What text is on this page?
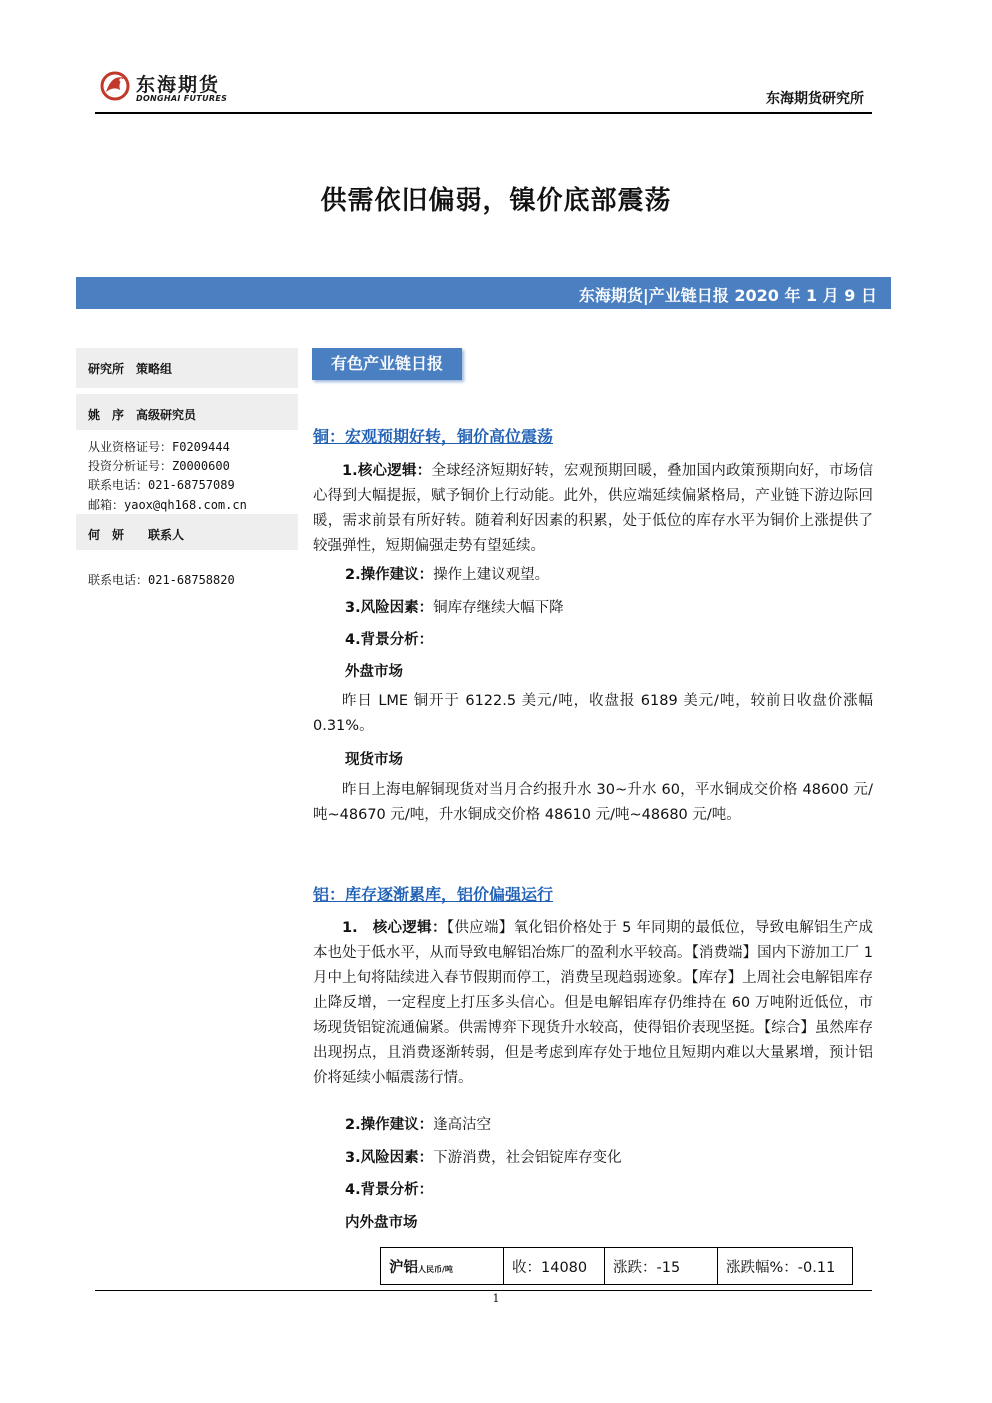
东海期货
DONGHAI FUTURES	东海期货研究所
供需依旧偏弱，镍价底部震荡
东海期货|产业链日报 2020 年 1 月 9 日
研究所　策略组
姚　序　高级研究员
从业资格证号：F0209444
投资分析证号：Z0000600
联系电话：021-68757089
邮箱：yaox@qh168.com.cn
何　妍　　联系人
联系电话：021-68758820
有色产业链日报
铜：宏观预期好转，铜价高位震荡

1.核心逻辑：全球经济短期好转，宏观预期回暖，叠加国内政策预期向好，市场信心得到大幅提振，赋予铜价上行动能。此外，供应端延续偏紧格局，产业链下游边际回暖，需求前景有所好转。随着利好因素的积累，处于低位的库存水平为铜价上涨提供了较强弹性，短期偏强走势有望延续。

2.操作建议：操作上建议观望。
3.风险因素：铜库存继续大幅下降
4.背景分析：
外盘市场

昨日 LME 铜开于 6122.5 美元/吨，收盘报 6189 美元/吨，较前日收盘价涨幅 0.31%。

现货市场

昨日上海电解铜现货对当月合约报升水 30~升水 60，平水铜成交价格 48600 元/吨~48670 元/吨，升水铜成交价格 48610 元/吨~48680 元/吨。

铝：库存逐渐累库，铝价偏强运行

1.　核心逻辑：【供应端】氧化铝价格处于 5 年同期的最低位，导致电解铝生产成本也处于低水平，从而导致电解铝冶炼厂的盈利水平较高。【消费端】国内下游加工厂 1 月中上旬将陆续进入春节假期而停工，消费呈现趋弱迹象。【库存】上周社会电解铝库存止降反增，一定程度上打压多头信心。但是电解铝库存仍维持在 60 万吨附近低位，市场现货铝锭流通偏紧。供需博弈下现货升水较高，使得铝价表现坚挺。【综合】虽然库存出现拐点，且消费逐渐转弱，但是考虑到库存处于地位且短期内难以大量累增，预计铝价将延续小幅震荡行情。

2.操作建议：逢高沽空
3.风险因素：下游消费，社会铝锭库存变化
4.背景分析：
内外盘市场
沪铝人民币/吨	收：14080	涨跌：-15	涨跌幅%：-0.11
1
